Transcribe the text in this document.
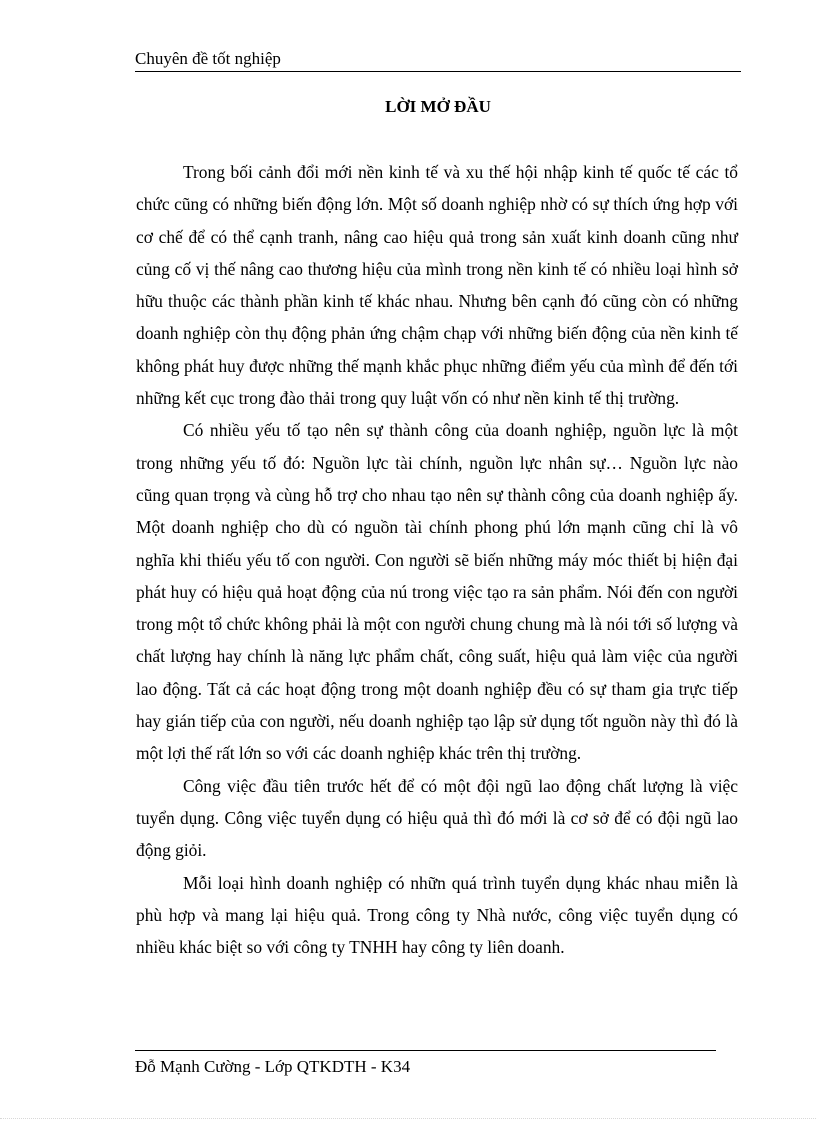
Chuyên đề tốt nghiệp
LỜI MỞ ĐẦU

Trong bối cảnh đổi mới nền kinh tế và xu thế hội nhập kinh tế quốc tế các tổ chức cũng có những biến động lớn. Một số doanh nghiệp nhờ có sự thích ứng hợp với cơ chế để có thể cạnh tranh, nâng cao hiệu quả trong sản xuất kinh doanh cũng như củng cố vị thế nâng cao thương hiệu của mình trong nền kinh tế có nhiều loại hình sở hữu thuộc các thành phần kinh tế khác nhau. Nhưng bên cạnh đó cũng còn có những doanh nghiệp còn thụ động phản ứng chậm chạp với những biến động của nền kinh tế không phát huy được những thế mạnh khắc phục những điểm yếu của mình để đến tới những kết cục trong đào thải trong quy luật vốn có như nền kinh tế thị trường.

Có nhiều yếu tố tạo nên sự thành công của doanh nghiệp, nguồn lực là một trong những yếu tố đó: Nguồn lực tài chính, nguồn lực nhân sự… Nguồn lực nào cũng quan trọng và cùng hỗ trợ cho nhau tạo nên sự thành công của doanh nghiệp ấy. Một doanh nghiệp cho dù có nguồn tài chính phong phú lớn mạnh cũng chỉ là vô nghĩa khi thiếu yếu tố con người. Con người sẽ biến những máy móc thiết bị hiện đại phát huy có hiệu quả hoạt động của nú trong việc tạo ra sản phẩm. Nói đến con người trong một tổ chức không phải là một con người chung chung mà là nói tới số lượng và chất lượng hay chính là năng lực phẩm chất, công suất, hiệu quả làm việc của người lao động. Tất cả các hoạt động trong một doanh nghiệp đều có sự tham gia trực tiếp hay gián tiếp của con người, nếu doanh nghiệp tạo lập sử dụng tốt nguồn này thì đó là một lợi thế rất lớn so với các doanh nghiệp khác trên thị trường.

Công việc đầu tiên trước hết để có một đội ngũ lao động chất lượng là việc tuyển dụng. Công việc tuyển dụng có hiệu quả thì đó mới là cơ sở để có đội ngũ lao động giỏi.

Mỗi loại hình doanh nghiệp có nhữn quá trình tuyển dụng khác nhau miễn là phù hợp và mang lại hiệu quả. Trong công ty Nhà nước, công việc tuyển dụng có nhiều khác biệt so với công ty TNHH hay công ty liên doanh.

Đỗ Mạnh Cường - Lớp QTKDTH - K34
